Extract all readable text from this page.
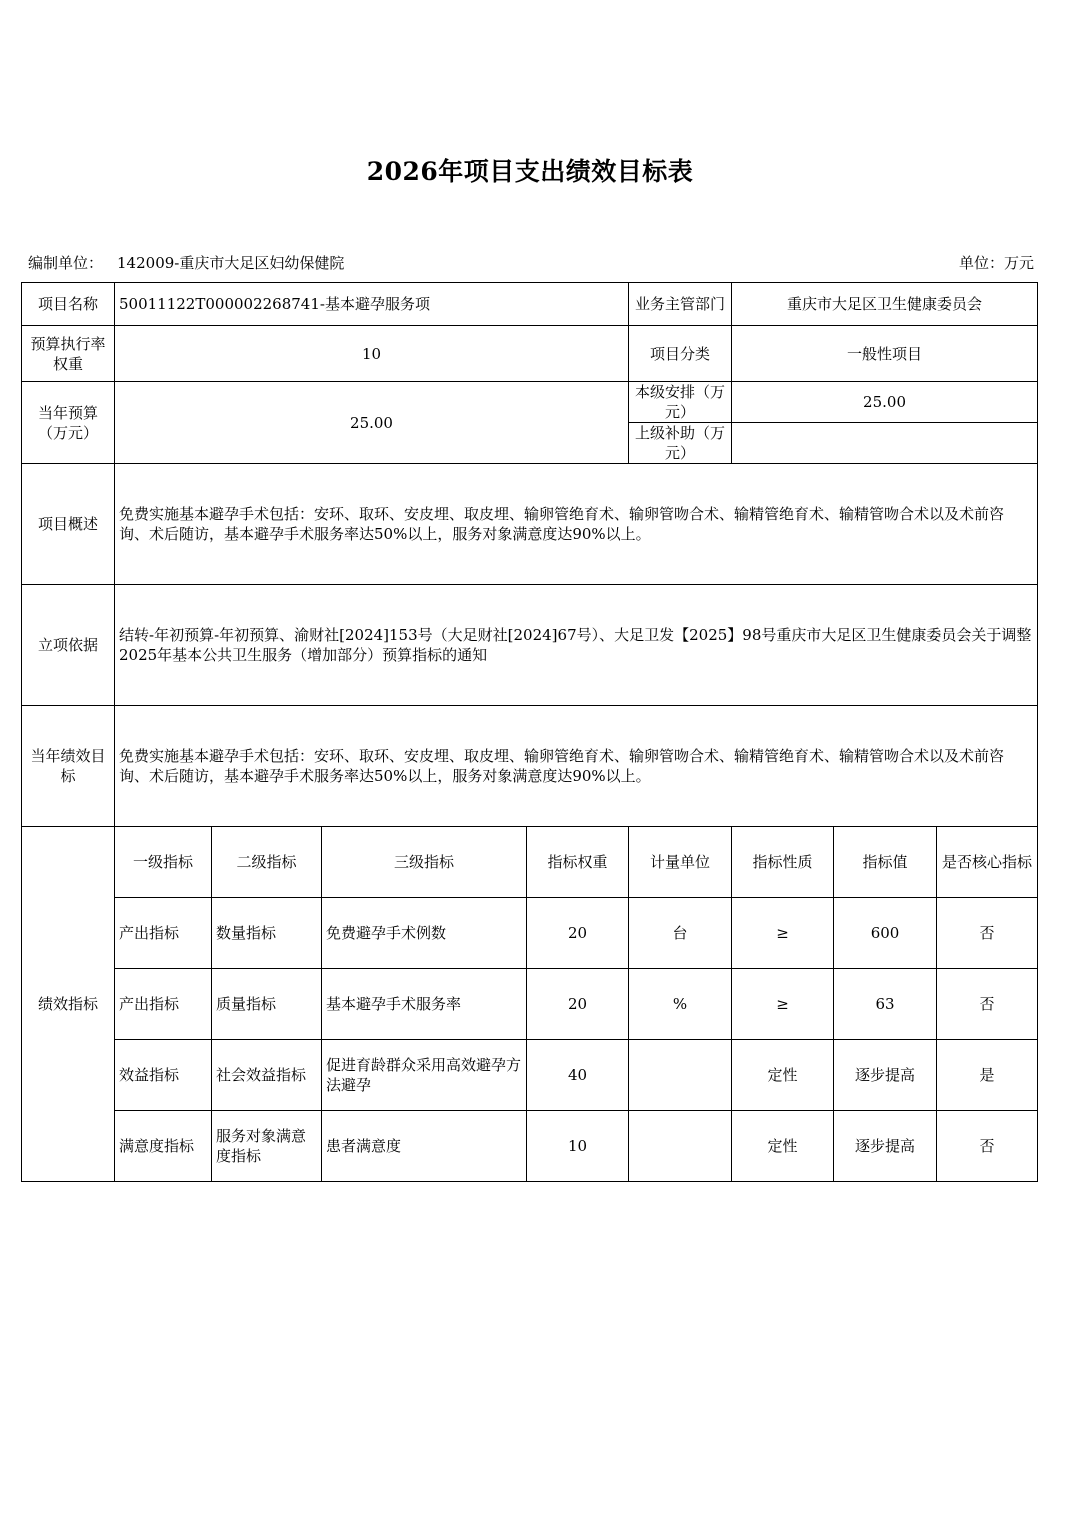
2026年项目支出绩效目标表
编制单位： 142009-重庆市大足区妇幼保健院	单位：万元
项目名称	50011122T000002268741-基本避孕服务项				业务主管部门	重庆市大足区卫生健康委员会		
预算执行率权重	10				项目分类	一般性项目		
当年预算（万元）	25.00				本级安排（万元）	25.00		
					上级补助（万元）			
项目概述	免费实施基本避孕手术包括：安环、取环、安皮埋、取皮埋、输卵管绝育术、输卵管吻合术、输精管绝育术、输精管吻合术以及术前咨询、术后随访，基本避孕手术服务率达50%以上，服务对象满意度达90%以上。							
立项依据	结转-年初预算-年初预算、渝财社[2024]153号（大足财社[2024]67号）、大足卫发【2025】98号重庆市大足区卫生健康委员会关于调整2025年基本公共卫生服务（增加部分）预算指标的通知							
当年绩效目标	免费实施基本避孕手术包括：安环、取环、安皮埋、取皮埋、输卵管绝育术、输卵管吻合术、输精管绝育术、输精管吻合术以及术前咨询、术后随访，基本避孕手术服务率达50%以上，服务对象满意度达90%以上。							
绩效指标	一级指标	二级指标	三级指标	指标权重	计量单位	指标性质	指标值	是否核心指标
	产出指标	数量指标	免费避孕手术例数	20	台	≥	600	否
	产出指标	质量指标	基本避孕手术服务率	20	%	≥	63	否
	效益指标	社会效益指标	促进育龄群众采用高效避孕方法避孕	40		定性	逐步提高	是
	满意度指标	服务对象满意度指标	患者满意度	10		定性	逐步提高	否
